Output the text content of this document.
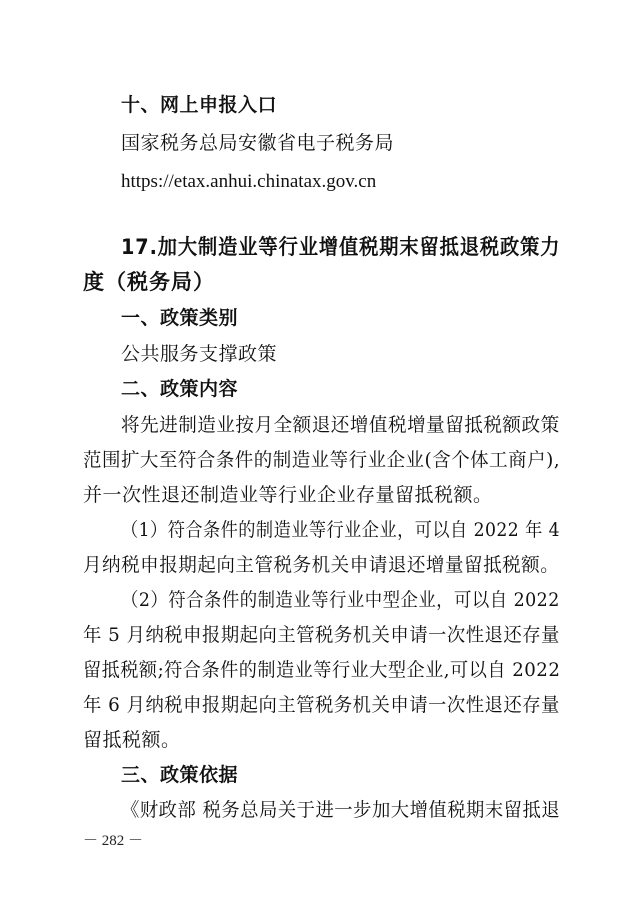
十、网上申报入口
国家税务总局安徽省电子税务局
https://etax.anhui.chinatax.gov.cn
17.加大制造业等行业增值税期末留抵退税政策力
度（税务局）
一、政策类别
公共服务支撑政策
二、政策内容
将先进制造业按月全额退还增值税增量留抵税额政策
范围扩大至符合条件的制造业等行业企业(含个体工商户),
并一次性退还制造业等行业企业存量留抵税额。
（1）符合条件的制造业等行业企业，可以自 2022 年 4
月纳税申报期起向主管税务机关申请退还增量留抵税额。
（2）符合条件的制造业等行业中型企业，可以自 2022
年 5 月纳税申报期起向主管税务机关申请一次性退还存量
留抵税额;符合条件的制造业等行业大型企业,可以自 2022
年 6 月纳税申报期起向主管税务机关申请一次性退还存量
留抵税额。
三、政策依据
《财政部 税务总局关于进一步加大增值税期末留抵退
－ 282 －
